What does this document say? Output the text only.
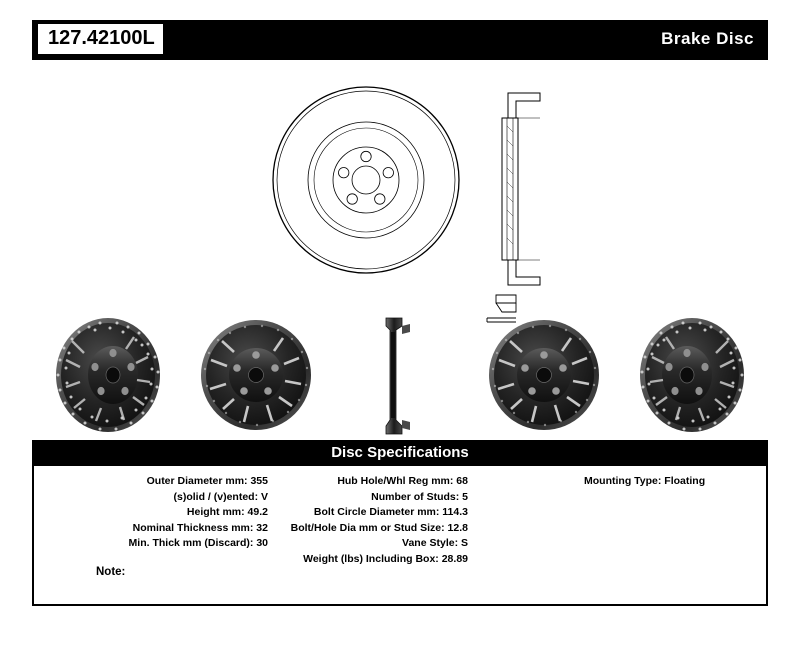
127.42100L	Brake Disc
Disc Specifications
Outer Diameter mm: 355
(s)olid / (v)ented: V
Height mm: 49.2
Nominal Thickness mm: 32
Min. Thick mm (Discard): 30
Hub Hole/Whl Reg mm: 68
Number of Studs: 5
Bolt Circle Diameter mm: 114.3
Bolt/Hole Dia mm or Stud Size: 12.8
Vane Style: S
Weight (lbs) Including Box: 28.89
Mounting Type: Floating
Note:
